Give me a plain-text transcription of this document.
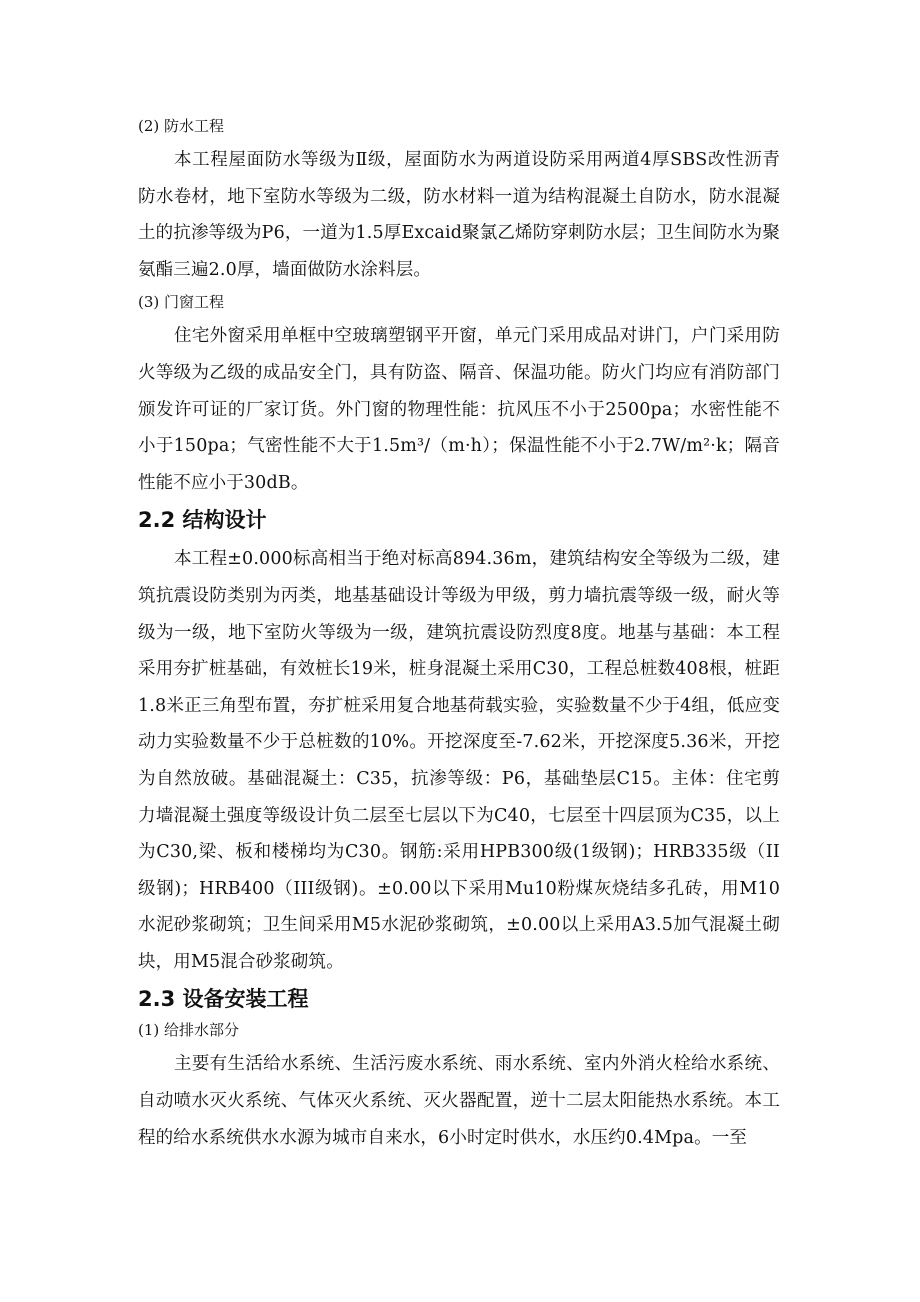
(2) 防水工程

本工程屋面防水等级为Ⅱ级，屋面防水为两道设防采用两道4厚SBS改性沥青防水卷材，地下室防水等级为二级，防水材料一道为结构混凝土自防水，防水混凝土的抗渗等级为P6，一道为1.5厚Excaid聚氯乙烯防穿刺防水层；卫生间防水为聚氨酯三遍2.0厚，墙面做防水涂料层。

(3) 门窗工程

住宅外窗采用单框中空玻璃塑钢平开窗，单元门采用成品对讲门，户门采用防火等级为乙级的成品安全门，具有防盗、隔音、保温功能。防火门均应有消防部门颁发许可证的厂家订货。外门窗的物理性能：抗风压不小于2500pa；水密性能不小于150pa；气密性能不大于1.5m³/（m·h）；保温性能不小于2.7W/m²·k；隔音性能不应小于30dB。

2.2 结构设计

本工程±0.000标高相当于绝对标高894.36m，建筑结构安全等级为二级，建筑抗震设防类别为丙类，地基基础设计等级为甲级，剪力墙抗震等级一级，耐火等级为一级，地下室防火等级为一级，建筑抗震设防烈度8度。地基与基础：本工程采用夯扩桩基础，有效桩长19米，桩身混凝土采用C30，工程总桩数408根，桩距1.8米正三角型布置，夯扩桩采用复合地基荷载实验，实验数量不少于4组，低应变动力实验数量不少于总桩数的10%。开挖深度至-7.62米，开挖深度5.36米，开挖为自然放破。基础混凝土：C35，抗渗等级：P6，基础垫层C15。主体：住宅剪力墙混凝土强度等级设计负二层至七层以下为C40，七层至十四层顶为C35，以上为C30,梁、板和楼梯均为C30。钢筋:采用HPB300级(1级钢)；HRB335级（II级钢)；HRB400（III级钢)。±0.00以下采用Mu10粉煤灰烧结多孔砖，用M10水泥砂浆砌筑；卫生间采用M5水泥砂浆砌筑，±0.00以上采用A3.5加气混凝土砌块，用M5混合砂浆砌筑。

2.3 设备安装工程
(1) 给排水部分

主要有生活给水系统、生活污废水系统、雨水系统、室内外消火栓给水系统、自动喷水灭火系统、气体灭火系统、灭火器配置，逆十二层太阳能热水系统。本工程的给水系统供水水源为城市自来水，6小时定时供水，水压约0.4Mpa。一至
